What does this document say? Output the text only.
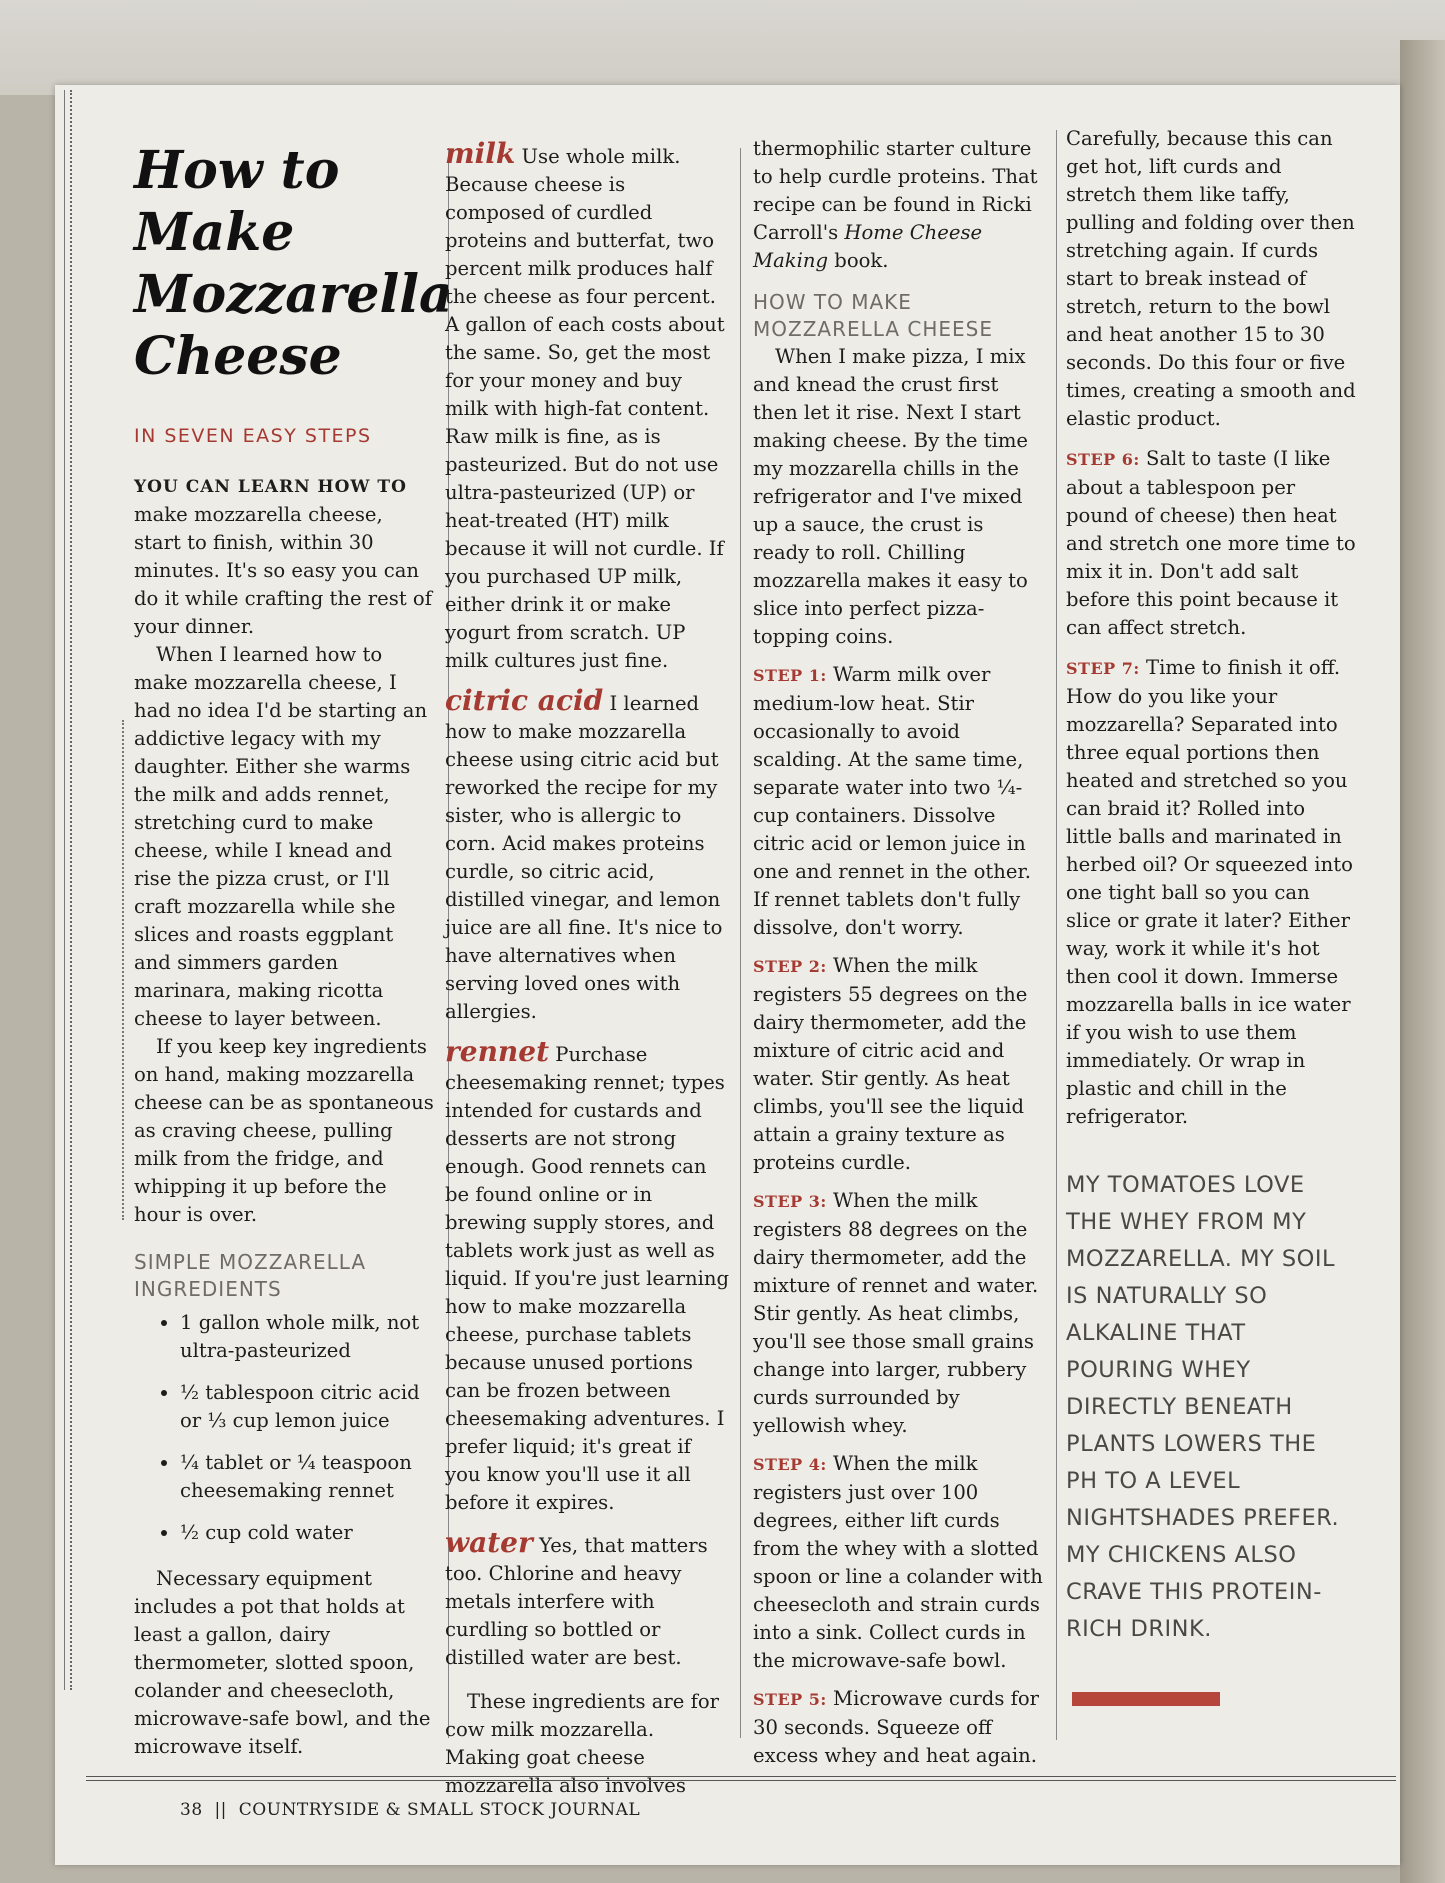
How to
Make
Mozzarella
Cheese
IN SEVEN EASY STEPS

YOU CAN LEARN HOW TO
make mozzarella cheese, start to finish, within 30 minutes. It's so easy you can do it while crafting the rest of your dinner.

When I learned how to make mozzarella cheese, I had no idea I'd be starting an addictive legacy with my daughter. Either she warms the milk and adds rennet, stretching curd to make cheese, while I knead and rise the pizza crust, or I'll craft mozzarella while she slices and roasts eggplant and simmers garden marinara, making ricotta cheese to layer between.

If you keep key ingredients on hand, making mozzarella cheese can be as spontaneous as craving cheese, pulling milk from the fridge, and whipping it up before the hour is over.

SIMPLE MOZZARELLA INGREDIENTS
• 1 gallon whole milk, not ultra-pasteurized
• ½ tablespoon citric acid or ⅓ cup lemon juice
• ¼ tablet or ¼ teaspoon cheesemaking rennet
• ½ cup cold water

Necessary equipment includes a pot that holds at least a gallon, dairy thermometer, slotted spoon, colander and cheesecloth, microwave-safe bowl, and the microwave itself.

milk Use whole milk. Because cheese is composed of curdled proteins and butterfat, two percent milk produces half the cheese as four percent. A gallon of each costs about the same. So, get the most for your money and buy milk with high-fat content. Raw milk is fine, as is pasteurized. But do not use ultra-pasteurized (UP) or heat-treated (HT) milk because it will not curdle. If you purchased UP milk, either drink it or make yogurt from scratch. UP milk cultures just fine.

citric acid I learned how to make mozzarella cheese using citric acid but reworked the recipe for my sister, who is allergic to corn. Acid makes proteins curdle, so citric acid, distilled vinegar, and lemon juice are all fine. It's nice to have alternatives when serving loved ones with allergies.

rennet Purchase cheesemaking rennet; types intended for custards and desserts are not strong enough. Good rennets can be found online or in brewing supply stores, and tablets work just as well as liquid. If you're just learning how to make mozzarella cheese, purchase tablets because unused portions can be frozen between cheesemaking adventures. I prefer liquid; it's great if you know you'll use it all before it expires.

water Yes, that matters too. Chlorine and heavy metals interfere with curdling so bottled or distilled water are best.

These ingredients are for cow milk mozzarella. Making goat cheese mozzarella also involves

thermophilic starter culture to help curdle proteins. That recipe can be found in Ricki Carroll's Home Cheese Making book.

HOW TO MAKE MOZZARELLA CHEESE

When I make pizza, I mix and knead the crust first then let it rise. Next I start making cheese. By the time my mozzarella chills in the refrigerator and I've mixed up a sauce, the crust is ready to roll. Chilling mozzarella makes it easy to slice into perfect pizza-topping coins.

STEP 1: Warm milk over medium-low heat. Stir occasionally to avoid scalding. At the same time, separate water into two ¼-cup containers. Dissolve citric acid or lemon juice in one and rennet in the other. If rennet tablets don't fully dissolve, don't worry.

STEP 2: When the milk registers 55 degrees on the dairy thermometer, add the mixture of citric acid and water. Stir gently. As heat climbs, you'll see the liquid attain a grainy texture as proteins curdle.

STEP 3: When the milk registers 88 degrees on the dairy thermometer, add the mixture of rennet and water. Stir gently. As heat climbs, you'll see those small grains change into larger, rubbery curds surrounded by yellowish whey.

STEP 4: When the milk registers just over 100 degrees, either lift curds from the whey with a slotted spoon or line a colander with cheesecloth and strain curds into a sink. Collect curds in the microwave-safe bowl.

STEP 5: Microwave curds for 30 seconds. Squeeze off excess whey and heat again.

Carefully, because this can get hot, lift curds and stretch them like taffy, pulling and folding over then stretching again. If curds start to break instead of stretch, return to the bowl and heat another 15 to 30 seconds. Do this four or five times, creating a smooth and elastic product.

STEP 6: Salt to taste (I like about a tablespoon per pound of cheese) then heat and stretch one more time to mix it in. Don't add salt before this point because it can affect stretch.

STEP 7: Time to finish it off. How do you like your mozzarella? Separated into three equal portions then heated and stretched so you can braid it? Rolled into little balls and marinated in herbed oil? Or squeezed into one tight ball so you can slice or grate it later? Either way, work it while it's hot then cool it down. Immerse mozzarella balls in ice water if you wish to use them immediately. Or wrap in plastic and chill in the refrigerator.

MY TOMATOES LOVE THE WHEY FROM MY MOZZARELLA. MY SOIL IS NATURALLY SO ALKALINE THAT POURING WHEY DIRECTLY BENEATH PLANTS LOWERS THE PH TO A LEVEL NIGHTSHADES PREFER. MY CHICKENS ALSO CRAVE THIS PROTEIN-RICH DRINK.
38 || COUNTRYSIDE & SMALL STOCK JOURNAL
